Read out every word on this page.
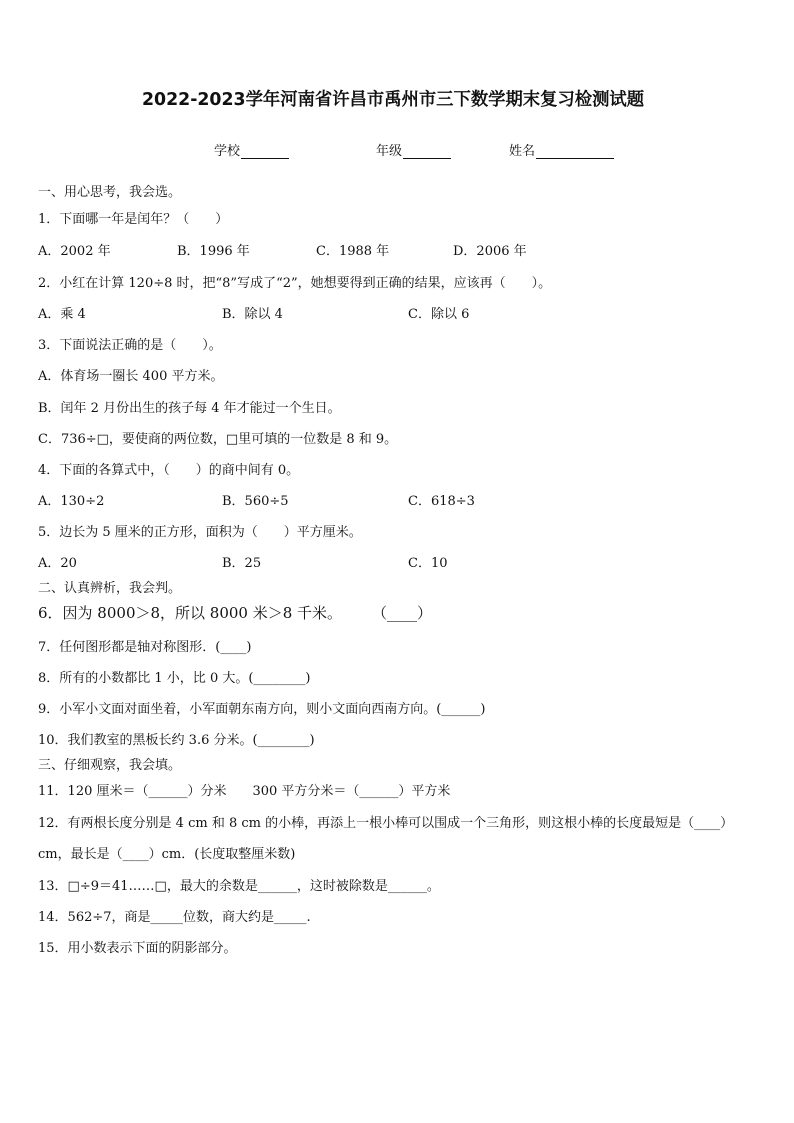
2022-2023学年河南省许昌市禹州市三下数学期末复习检测试题
学校	年级	姓名
一、用心思考，我会选。
1．下面哪一年是闰年？（　　）
A．2002 年	B．1996 年	C．1988 年	D．2006 年
2．小红在计算 120÷8 时，把“8”写成了“2”，她想要得到正确的结果，应该再（　　）。
A．乘 4	B．除以 4	C．除以 6
3．下面说法正确的是（　　）。
A．体育场一圈长 400 平方米。
B．闰年 2 月份出生的孩子每 4 年才能过一个生日。
C．736÷□，要使商的两位数，□里可填的一位数是 8 和 9。
4．下面的各算式中，（　　）的商中间有 0。
A．130÷2	B．560÷5	C．618÷3
5．边长为 5 厘米的正方形，面积为（　　）平方厘米。
A．20	B．25	C．10
二、认真辨析，我会判。
6．因为 8000＞8，所以 8000 米＞8 千米。　　　（____）
7．任何图形都是轴对称图形．(____)
8．所有的小数都比 1 小，比 0 大。(________)
9．小军小文面对面坐着，小军面朝东南方向，则小文面向西南方向。(______)
10．我们教室的黑板长约 3.6 分米。(________)
三、仔细观察，我会填。
11．120 厘米＝（______）分米　　300 平方分米＝（______）平方米
12．有两根长度分别是 4 cm 和 8 cm 的小棒，再添上一根小棒可以围成一个三角形，则这根小棒的长度最短是（____）
cm，最长是（____）cm．(长度取整厘米数)
13．□÷9＝41……□，最大的余数是______，这时被除数是______。
14．562÷7，商是_____位数，商大约是_____.
15．用小数表示下面的阴影部分。
